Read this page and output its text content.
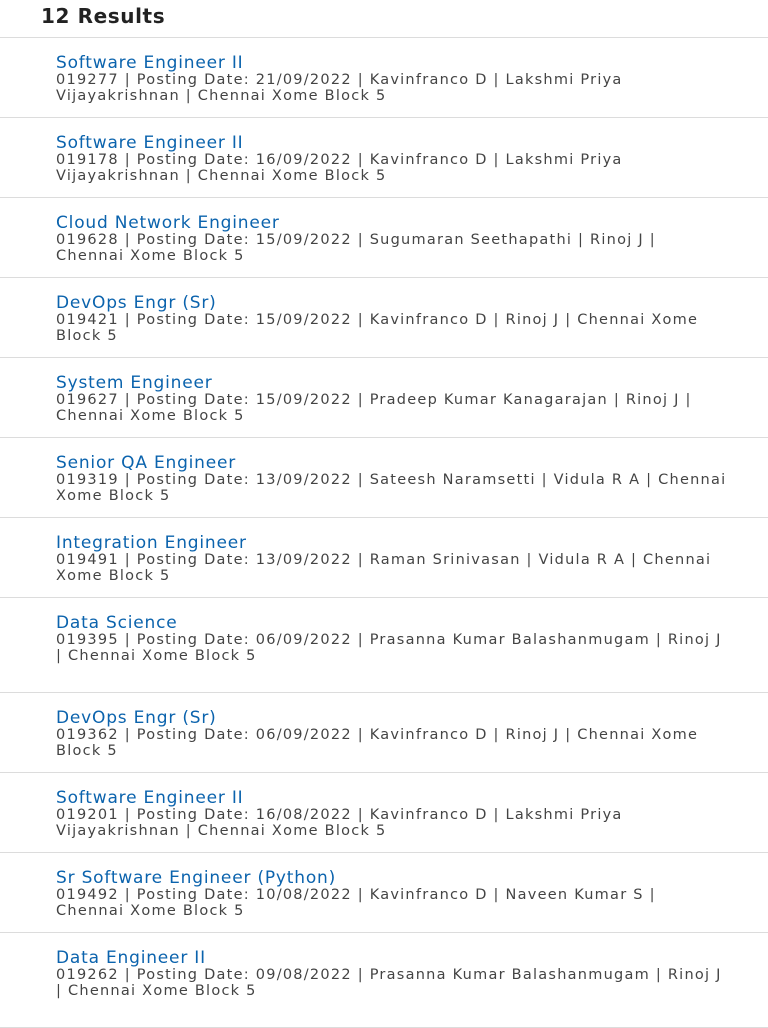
12 Results
Software Engineer II
019277 | Posting Date: 21/09/2022 | Kavinfranco D | Lakshmi Priya Vijayakrishnan | Chennai Xome Block 5
Software Engineer II
019178 | Posting Date: 16/09/2022 | Kavinfranco D | Lakshmi Priya Vijayakrishnan | Chennai Xome Block 5
Cloud Network Engineer
019628 | Posting Date: 15/09/2022 | Sugumaran Seethapathi | Rinoj J | Chennai Xome Block 5
DevOps Engr (Sr)
019421 | Posting Date: 15/09/2022 | Kavinfranco D | Rinoj J | Chennai Xome Block 5
System Engineer
019627 | Posting Date: 15/09/2022 | Pradeep Kumar Kanagarajan | Rinoj J | Chennai Xome Block 5
Senior QA Engineer
019319 | Posting Date: 13/09/2022 | Sateesh Naramsetti | Vidula R A | Chennai Xome Block 5
Integration Engineer
019491 | Posting Date: 13/09/2022 | Raman Srinivasan | Vidula R A | Chennai Xome Block 5
Data Science
019395 | Posting Date: 06/09/2022 | Prasanna Kumar Balashanmugam | Rinoj J | Chennai Xome Block 5
DevOps Engr (Sr)
019362 | Posting Date: 06/09/2022 | Kavinfranco D | Rinoj J | Chennai Xome Block 5
Software Engineer II
019201 | Posting Date: 16/08/2022 | Kavinfranco D | Lakshmi Priya Vijayakrishnan | Chennai Xome Block 5
Sr Software Engineer (Python)
019492 | Posting Date: 10/08/2022 | Kavinfranco D | Naveen Kumar S | Chennai Xome Block 5
Data Engineer II
019262 | Posting Date: 09/08/2022 | Prasanna Kumar Balashanmugam | Rinoj J | Chennai Xome Block 5
